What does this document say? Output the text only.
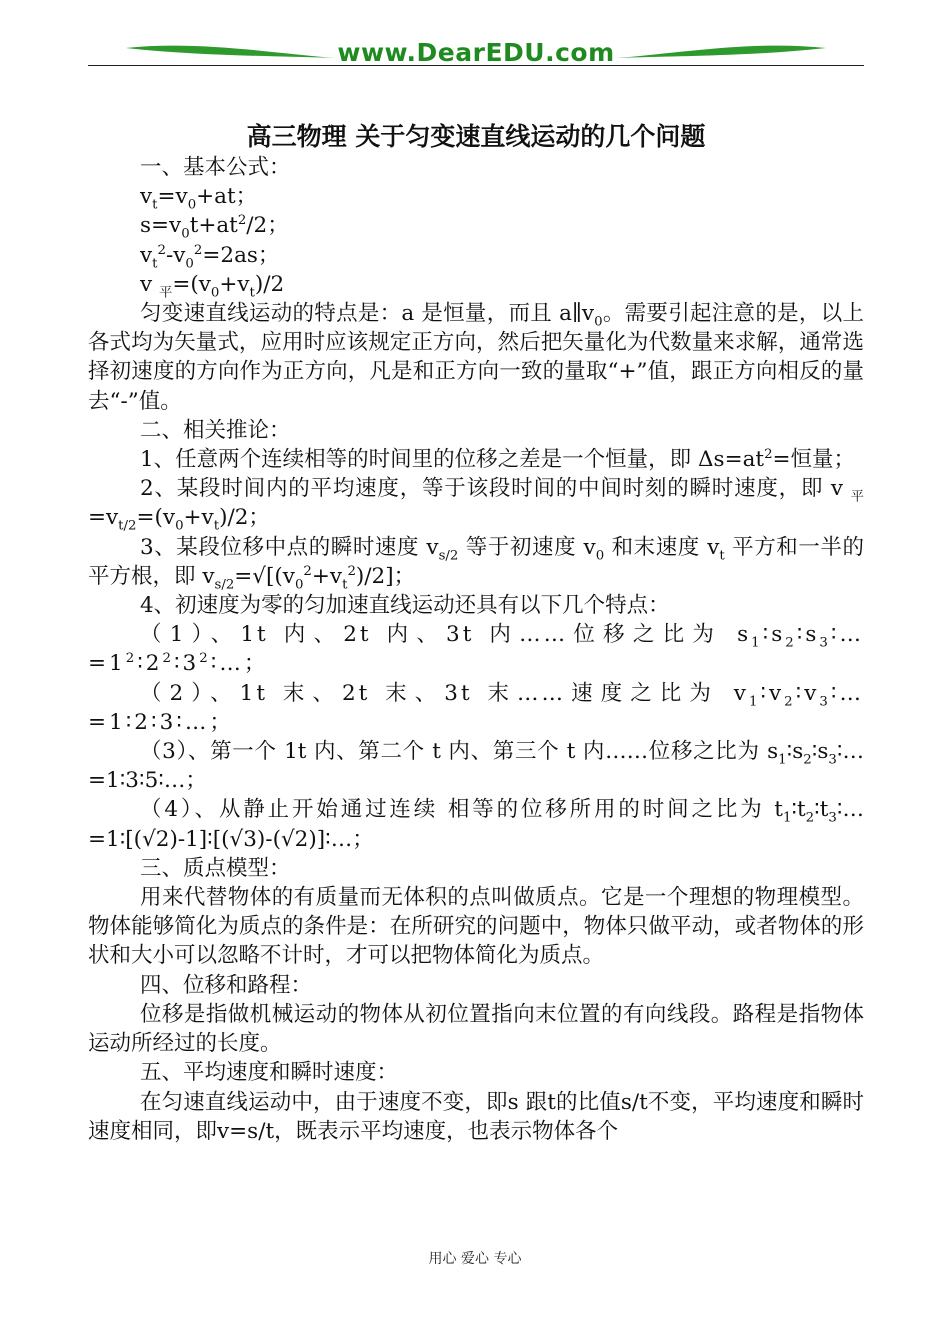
www.DearEDU.com
高三物理 关于匀变速直线运动的几个问题

一、基本公式：

$v_t=v_0+at$；

$s=v_0t+at^2/2$；

$v_t^2-v_0^2=2as$；

v $_平=(v_0+v_t)/2$

匀变速直线运动的特点是：a 是恒量，而且 $a\parallel v_0$。需要引起注意的是，以上各式均为矢量式，应用时应该规定正方向，然后把矢量化为代数量来求解，通常选择初速度的方向作为正方向，凡是和正方向一致的量取“+”值，跟正方向相反的量去“-”值。

二、相关推论：

1、任意两个连续相等的时间里的位移之差是一个恒量，即 $\Delta s=at^2=$恒量；

2、某段时间内的平均速度，等于该段时间的中间时刻的瞬时速度，即 v $_平=v_{t/2}=(v_0+v_t)/2$；

3、某段位移中点的瞬时速度 $v_{s/2}$ 等于初速度 $v_0$ 和末速度 $v_t$ 平方和一半的平方根，即 $v_{s/2}=√[(v_0^2+v_t^2)/2]$；

4、初速度为零的匀加速直线运动还具有以下几个特点：

（1）、1t 内、2t 内、3t 内……位移之比为 $s_1∶s_2∶s_3∶\dots=1^2∶2^2∶3^2∶\dots$；

（2）、1t 末、2t 末、3t 末……速度之比为 $v_1∶v_2∶v_3∶\dots=1∶2∶3∶\dots$；

（3）、第一个 1t 内、第二个 t 内、第三个 t 内……位移之比为 $s_1∶s_2∶s_3∶\dots=1∶3∶5∶\dots$；

（4）、从静止开始通过连续 相等的位移所用的时间之比为 $t_1∶t_2∶t_3∶\dots=1∶[(√2)-1]∶[(√3)-(√2)]∶\dots$；

三、质点模型：

用来代替物体的有质量而无体积的点叫做质点。它是一个理想的物理模型。物体能够简化为质点的条件是：在所研究的问题中，物体只做平动，或者物体的形状和大小可以忽略不计时，才可以把物体简化为质点。

四、位移和路程：

位移是指做机械运动的物体从初位置指向末位置的有向线段。路程是指物体运动所经过的长度。

五、平均速度和瞬时速度：

在匀速直线运动中，由于速度不变，即s 跟t的比值s/t不变，平均速度和瞬时速度相同，即v=s/t，既表示平均速度，也表示物体各个

用心 爱心 专心
